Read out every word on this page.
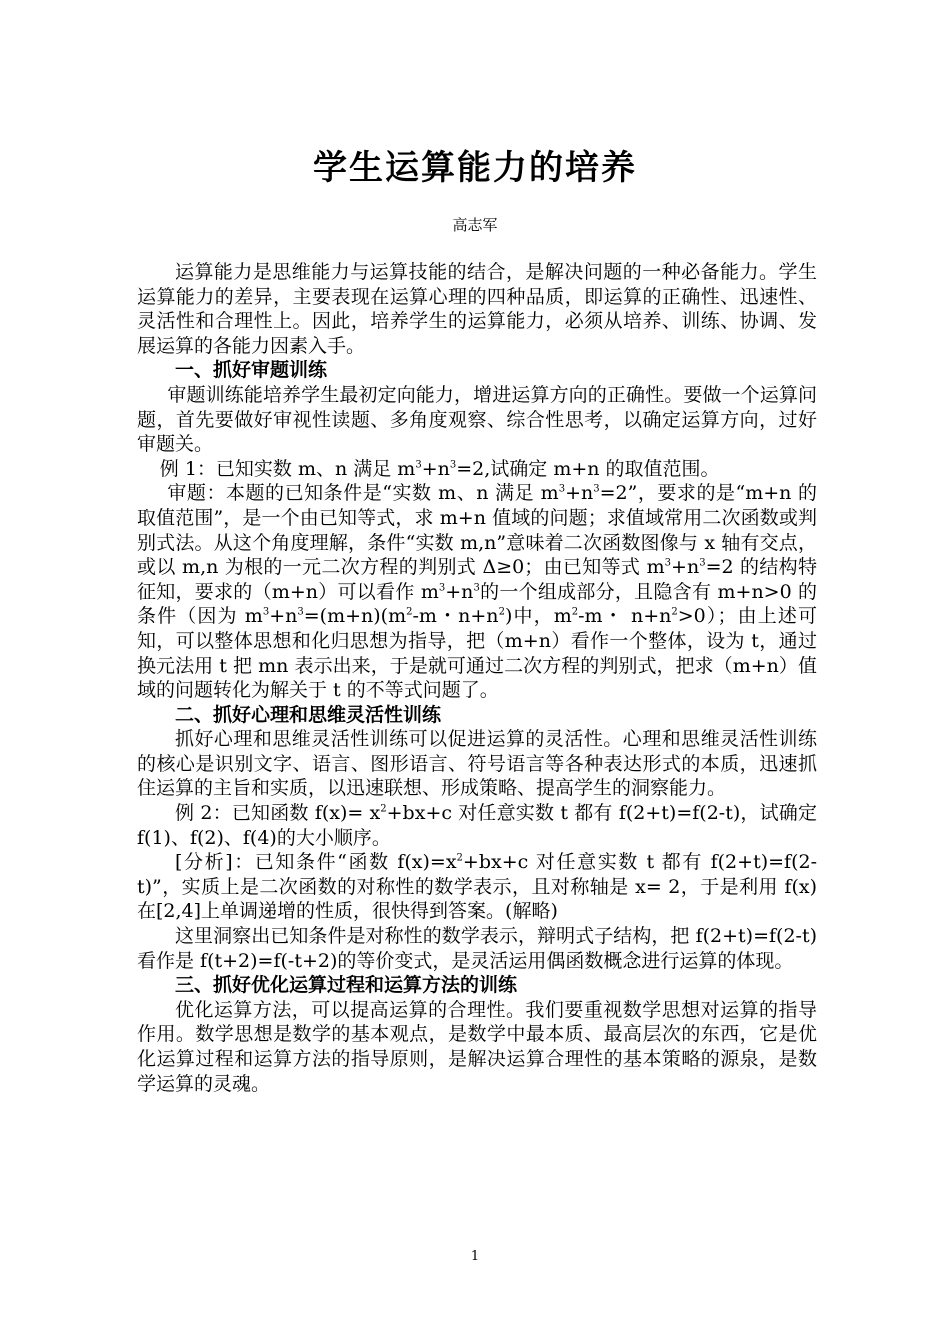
学生运算能力的培养
高志军

运算能力是思维能力与运算技能的结合，是解决问题的一种必备能力。学生运算能力的差异，主要表现在运算心理的四种品质，即运算的正确性、迅速性、灵活性和合理性上。因此，培养学生的运算能力，必须从培养、训练、协调、发展运算的各能力因素入手。

一、抓好审题训练

审题训练能培养学生最初定向能力，增进运算方向的正确性。要做一个运算问题，首先要做好审视性读题、多角度观察、综合性思考，以确定运算方向，过好审题关。

例 1：已知实数 m、n 满足 $m^3+n^3=2$,试确定 m+n 的取值范围。

审题：本题的已知条件是“实数 m、n 满足 $m^3+n^3=2$”，要求的是“m+n 的取值范围”，是一个由已知等式，求 m+n 值域的问题；求值域常用二次函数或判别式法。从这个角度理解，条件“实数 m,n”意味着二次函数图像与 x 轴有交点，或以 m,n 为根的一元二次方程的判别式 Δ≥0；由已知等式 $m^3+n^3=2$ 的结构特征知，要求的（m+n）可以看作 $m^3+n^3$的一个组成部分，且隐含有 m+n>0 的条件（因为 $m^3+n^3=(m+n)(m^2-m$・$n+n^2$)中，$m^2-m$・ $n+n^2>0$）；由上述可知，可以整体思想和化归思想为指导，把（m+n）看作一个整体，设为 t，通过换元法用 t 把 mn 表示出来，于是就可通过二次方程的判别式，把求（m+n）值域的问题转化为解关于 t 的不等式问题了。

二、抓好心理和思维灵活性训练

抓好心理和思维灵活性训练可以促进运算的灵活性。心理和思维灵活性训练的核心是识别文字、语言、图形语言、符号语言等各种表达形式的本质，迅速抓住运算的主旨和实质，以迅速联想、形成策略、提高学生的洞察能力。

例 2：已知函数 $f(x)= x^2+bx+c$ 对任意实数 t 都有 f(2+t)=f(2-t)，试确定 f(1)、f(2)、f(4)的大小顺序。

[分析]：已知条件“函数 $f(x)=x^2+bx+c$ 对任意实数 t 都有 f(2+t)=f(2-t)”，实质上是二次函数的对称性的数学表示，且对称轴是 x= 2，于是利用 f(x)在[2,4]上单调递增的性质，很快得到答案。(解略)

这里洞察出已知条件是对称性的数学表示，辩明式子结构，把 f(2+t)=f(2-t)看作是 f(t+2)=f(-t+2)的等价变式，是灵活运用偶函数概念进行运算的体现。

三、抓好优化运算过程和运算方法的训练

优化运算方法，可以提高运算的合理性。我们要重视数学思想对运算的指导作用。数学思想是数学的基本观点，是数学中最本质、最高层次的东西，它是优化运算过程和运算方法的指导原则，是解决运算合理性的基本策略的源泉，是数学运算的灵魂。

1
